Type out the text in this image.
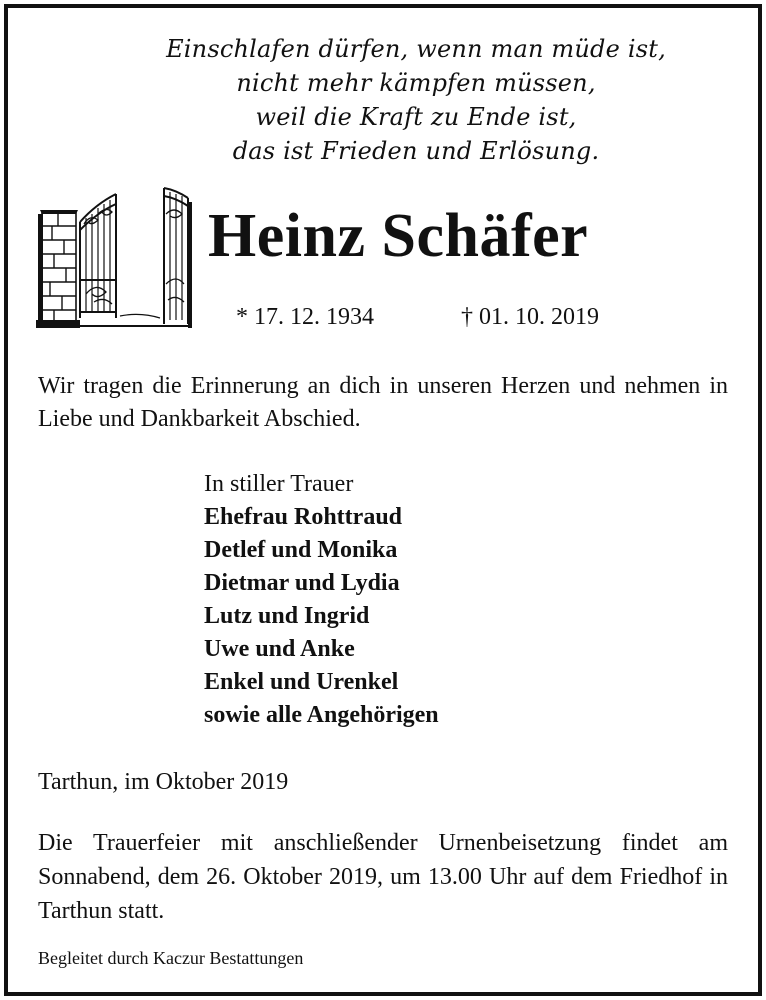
Einschlafen dürfen, wenn man müde ist,
nicht mehr kämpfen müssen,
weil die Kraft zu Ende ist,
das ist Frieden und Erlösung.
Heinz Schäfer
* 17. 12. 1934	† 01. 10. 2019
Wir tragen die Erinnerung an dich in unseren Herzen und nehmen in Liebe und Dankbarkeit Abschied.
In stiller Trauer
Ehefrau Rohttraud
Detlef und Monika
Dietmar und Lydia
Lutz und Ingrid
Uwe und Anke
Enkel und Urenkel
sowie alle Angehörigen
Tarthun, im Oktober 2019
Die Trauerfeier mit anschließender Urnenbeisetzung findet am Sonnabend, dem 26. Oktober 2019, um 13.00 Uhr auf dem Friedhof in Tarthun statt.
Begleitet durch Kaczur Bestattungen
